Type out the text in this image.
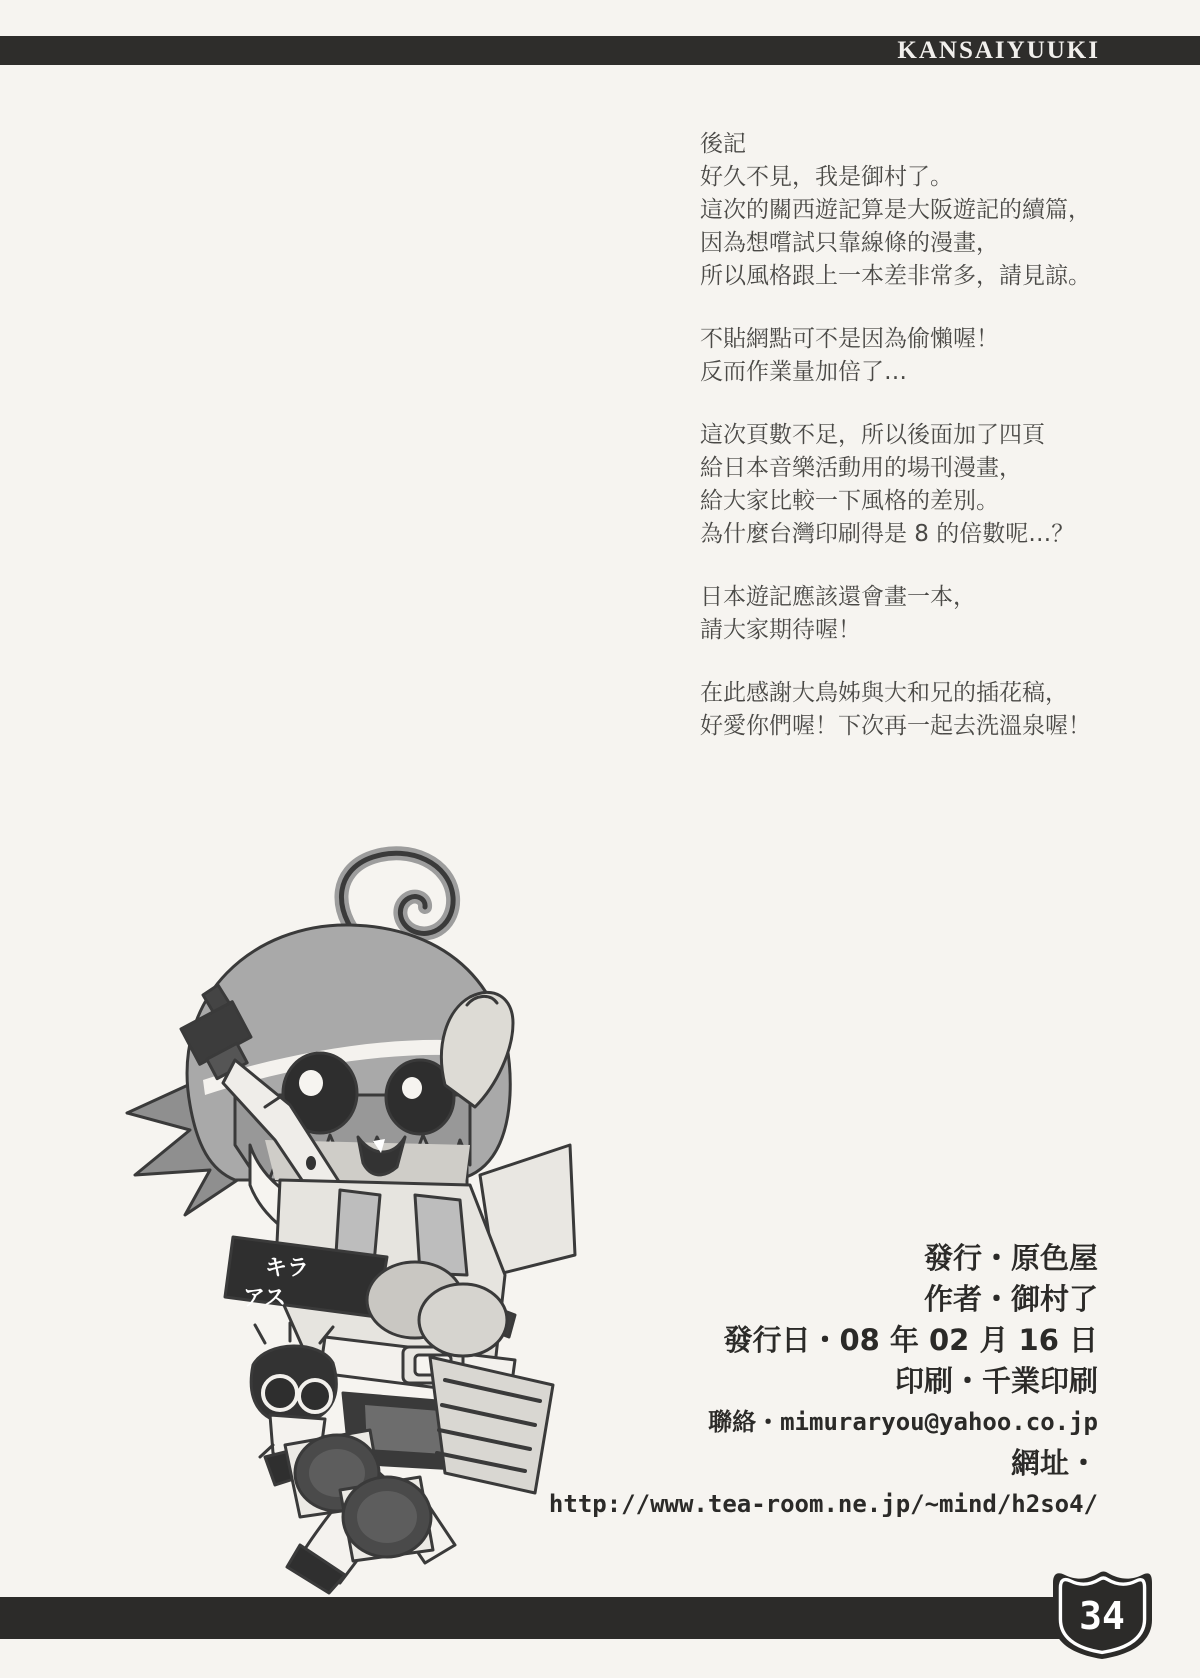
KANSAIYUUKI

後記
好久不見，我是御村了。
這次的關西遊記算是大阪遊記的續篇，
因為想嚐試只靠線條的漫畫，
所以風格跟上一本差非常多，請見諒。

不貼網點可不是因為偷懶喔！
反而作業量加倍了…

這次頁數不足，所以後面加了四頁
給日本音樂活動用的場刊漫畫，
給大家比較一下風格的差別。
為什麼台灣印刷得是 8 的倍數呢…？

日本遊記應該還會畫一本，
請大家期待喔！

在此感謝大鳥姊與大和兄的插花稿，
好愛你們喔！下次再一起去洗溫泉喔！

キラ
アス
發行・原色屋
作者・御村了
發行日・08 年 02 月 16 日
印刷・千業印刷
聯絡・mimuraryou@yahoo.co.jp
網址・
http://www.tea-room.ne.jp/~mind/h2so4/
34
